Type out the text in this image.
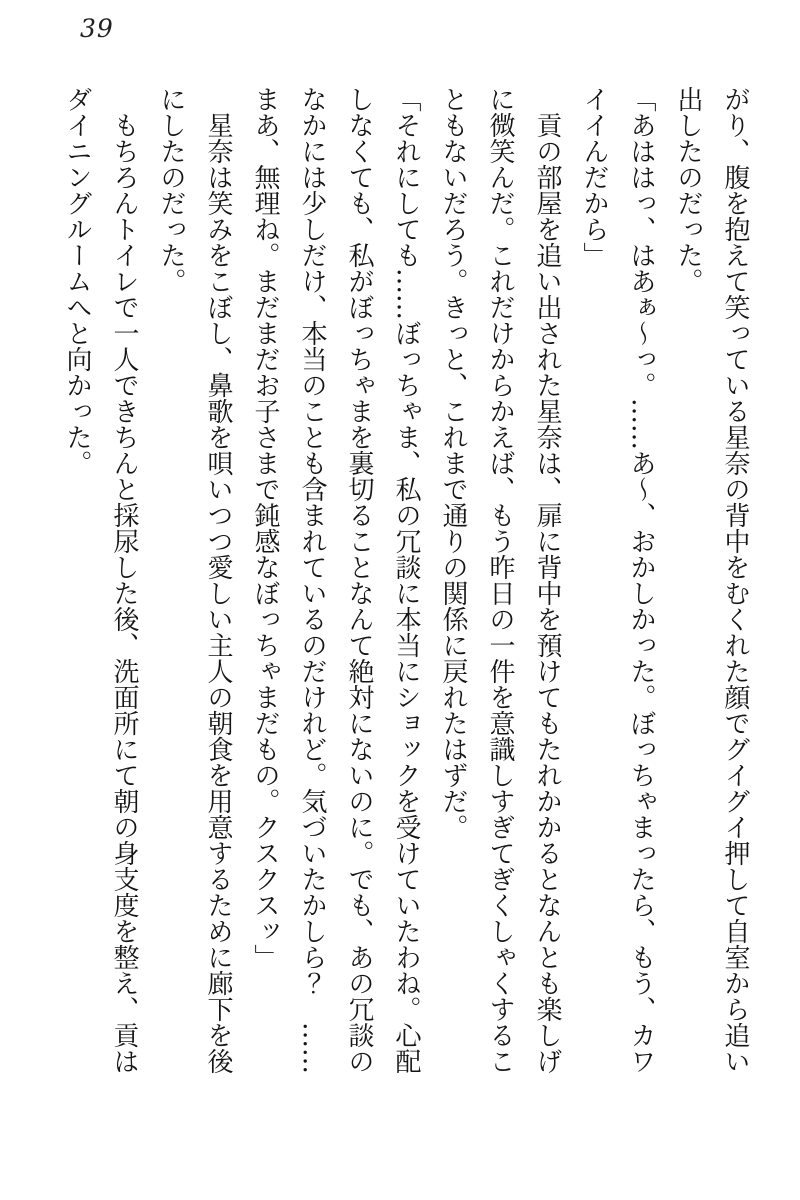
39

がり、腹を抱えて笑っている星奈の背中をむくれた顔でグイグイ押して自室から追い出したのだった。

「あははっ、はあぁ～っ。……あ～、おかしかった。ぼっちゃまったら、もう、カワイイんだから」

貢の部屋を追い出された星奈は、扉に背中を預けてもたれかかるとなんとも楽しげに微笑んだ。これだけからかえば、もう昨日の一件を意識しすぎてぎくしゃくすることもないだろう。きっと、これまで通りの関係に戻れたはずだ。

「それにしても……ぼっちゃま、私の冗談に本当にショックを受けていたわね。心配しなくても、私がぼっちゃまを裏切ることなんて絶対にないのに。でも、あの冗談のなかには少しだけ、本当のことも含まれているのだけれど。気づいたかしら？　……まあ、無理ね。まだまだお子さまで鈍感なぼっちゃまだもの。クスクスッ」

星奈は笑みをこぼし、鼻歌を唄いつつ愛しい主人の朝食を用意するために廊下を後にしたのだった。

もちろんトイレで一人できちんと採尿した後、洗面所にて朝の身支度を整え、貢はダイニングルームへと向かった。
